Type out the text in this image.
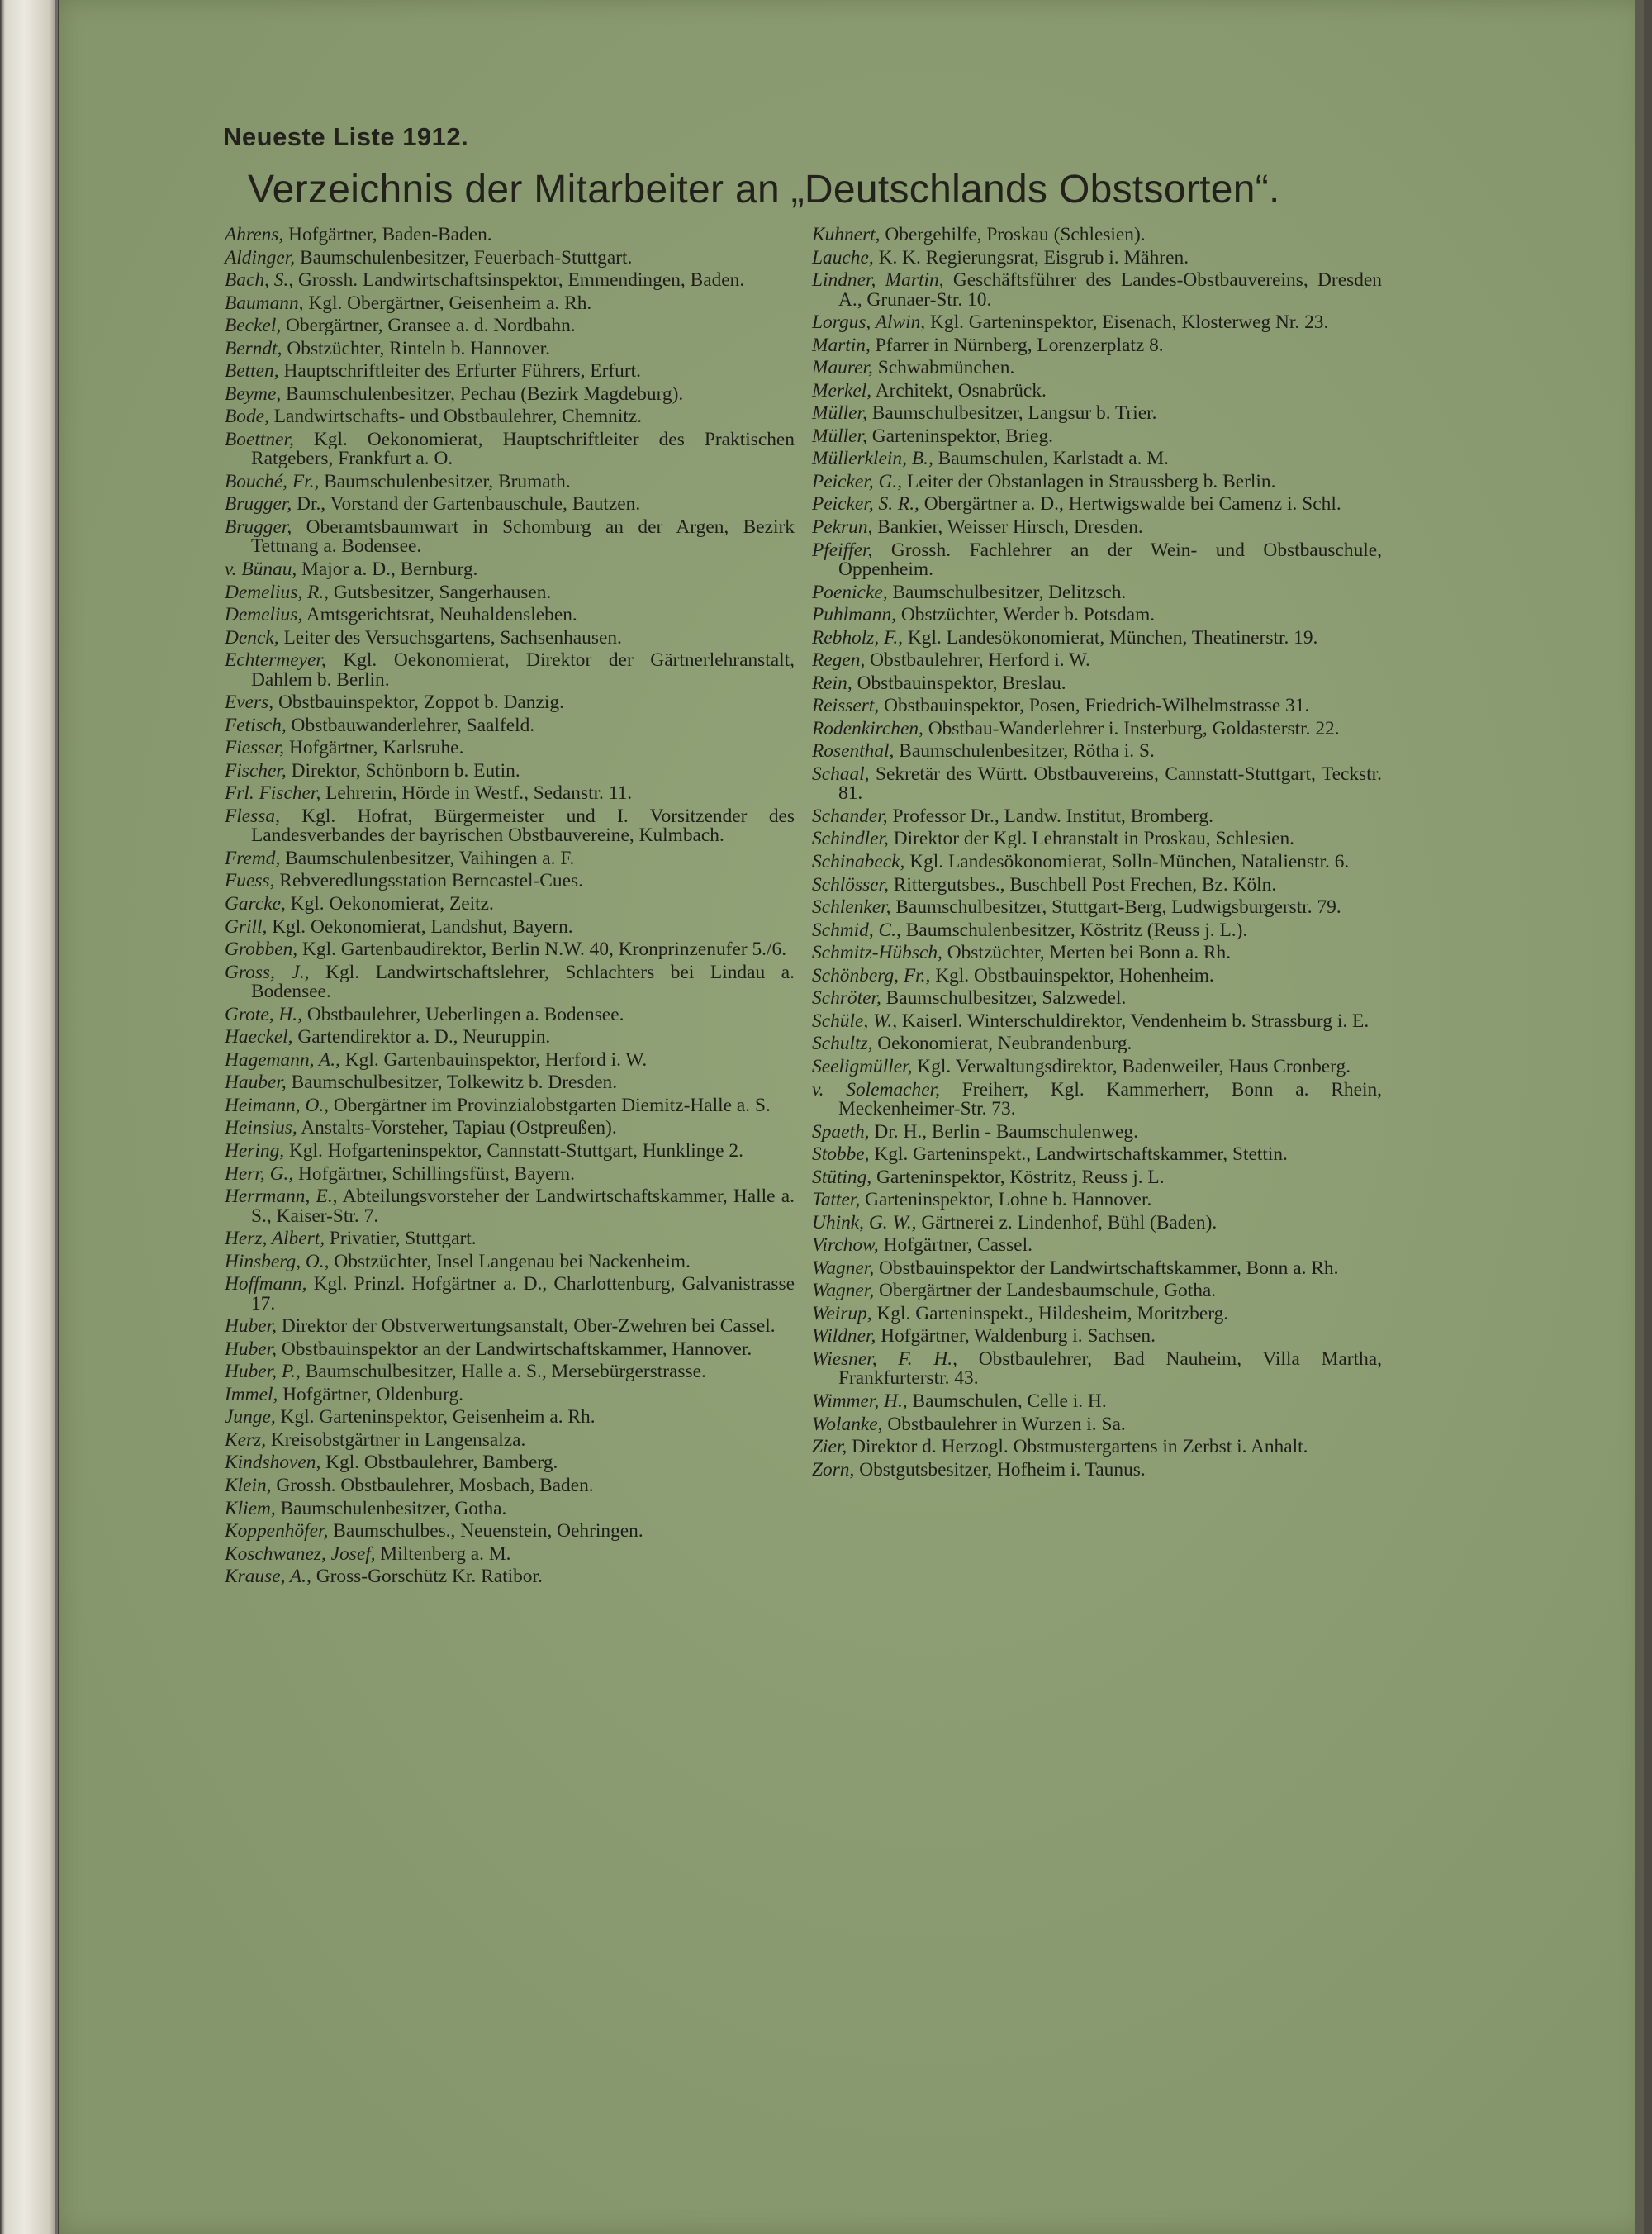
Neueste Liste 1912.
Verzeichnis der Mitarbeiter an „Deutschlands Obstsorten“.
Ahrens, Hofgärtner, Baden-Baden.
Aldinger, Baumschulenbesitzer, Feuerbach-Stuttgart.
Bach, S., Grossh. Landwirtschaftsinspektor, Emmendingen, Baden.
Baumann, Kgl. Obergärtner, Geisenheim a. Rh.
Beckel, Obergärtner, Gransee a. d. Nordbahn.
Berndt, Obstzüchter, Rinteln b. Hannover.
Betten, Hauptschriftleiter des Erfurter Führers, Erfurt.
Beyme, Baumschulenbesitzer, Pechau (Bezirk Magdeburg).
Bode, Landwirtschafts- und Obstbaulehrer, Chemnitz.
Boettner, Kgl. Oekonomierat, Hauptschriftleiter des Praktischen Ratgebers, Frankfurt a. O.
Bouché, Fr., Baumschulenbesitzer, Brumath.
Brugger, Dr., Vorstand der Gartenbauschule, Bautzen.
Brugger, Oberamtsbaumwart in Schomburg an der Argen, Bezirk Tettnang a. Bodensee.
v. Bünau, Major a. D., Bernburg.
Demelius, R., Gutsbesitzer, Sangerhausen.
Demelius, Amtsgerichtsrat, Neuhaldensleben.
Denck, Leiter des Versuchsgartens, Sachsenhausen.
Echtermeyer, Kgl. Oekonomierat, Direktor der Gärtnerlehranstalt, Dahlem b. Berlin.
Evers, Obstbauinspektor, Zoppot b. Danzig.
Fetisch, Obstbauwanderlehrer, Saalfeld.
Fiesser, Hofgärtner, Karlsruhe.
Fischer, Direktor, Schönborn b. Eutin.
Frl. Fischer, Lehrerin, Hörde in Westf., Sedanstr. 11.
Flessa, Kgl. Hofrat, Bürgermeister und I. Vorsitzender des Landesverbandes der bayrischen Obstbauvereine, Kulmbach.
Fremd, Baumschulenbesitzer, Vaihingen a. F.
Fuess, Rebveredlungsstation Berncastel-Cues.
Garcke, Kgl. Oekonomierat, Zeitz.
Grill, Kgl. Oekonomierat, Landshut, Bayern.
Grobben, Kgl. Gartenbaudirektor, Berlin N.W. 40, Kronprinzenufer 5./6.
Gross, J., Kgl. Landwirtschaftslehrer, Schlachters bei Lindau a. Bodensee.
Grote, H., Obstbaulehrer, Ueberlingen a. Bodensee.
Haeckel, Gartendirektor a. D., Neuruppin.
Hagemann, A., Kgl. Gartenbauinspektor, Herford i. W.
Hauber, Baumschulbesitzer, Tolkewitz b. Dresden.
Heimann, O., Obergärtner im Provinzialobstgarten Diemitz-Halle a. S.
Heinsius, Anstalts-Vorsteher, Tapiau (Ostpreußen).
Hering, Kgl. Hofgarteninspektor, Cannstatt-Stuttgart, Hunklinge 2.
Herr, G., Hofgärtner, Schillingsfürst, Bayern.
Herrmann, E., Abteilungsvorsteher der Landwirtschaftskammer, Halle a. S., Kaiser-Str. 7.
Herz, Albert, Privatier, Stuttgart.
Hinsberg, O., Obstzüchter, Insel Langenau bei Nackenheim.
Hoffmann, Kgl. Prinzl. Hofgärtner a. D., Charlottenburg, Galvanistrasse 17.
Huber, Direktor der Obstverwertungsanstalt, Ober-Zwehren bei Cassel.
Huber, Obstbauinspektor an der Landwirtschaftskammer, Hannover.
Huber, P., Baumschulbesitzer, Halle a. S., Mersebürgerstrasse.
Immel, Hofgärtner, Oldenburg.
Junge, Kgl. Garteninspektor, Geisenheim a. Rh.
Kerz, Kreisobstgärtner in Langensalza.
Kindshoven, Kgl. Obstbaulehrer, Bamberg.
Klein, Grossh. Obstbaulehrer, Mosbach, Baden.
Kliem, Baumschulenbesitzer, Gotha.
Koppenhöfer, Baumschulbes., Neuenstein, Oehringen.
Koschwanez, Josef, Miltenberg a. M.
Krause, A., Gross-Gorschütz Kr. Ratibor.
Kuhnert, Obergehilfe, Proskau (Schlesien).
Lauche, K. K. Regierungsrat, Eisgrub i. Mähren.
Lindner, Martin, Geschäftsführer des Landes-Obstbauvereins, Dresden A., Grunaer-Str. 10.
Lorgus, Alwin, Kgl. Garteninspektor, Eisenach, Klosterweg Nr. 23.
Martin, Pfarrer in Nürnberg, Lorenzerplatz 8.
Maurer, Schwabmünchen.
Merkel, Architekt, Osnabrück.
Müller, Baumschulbesitzer, Langsur b. Trier.
Müller, Garteninspektor, Brieg.
Müllerklein, B., Baumschulen, Karlstadt a. M.
Peicker, G., Leiter der Obstanlagen in Straussberg b. Berlin.
Peicker, S. R., Obergärtner a. D., Hertwigswalde bei Camenz i. Schl.
Pekrun, Bankier, Weisser Hirsch, Dresden.
Pfeiffer, Grossh. Fachlehrer an der Wein- und Obstbauschule, Oppenheim.
Poenicke, Baumschulbesitzer, Delitzsch.
Puhlmann, Obstzüchter, Werder b. Potsdam.
Rebholz, F., Kgl. Landesökonomierat, München, Theatinerstr. 19.
Regen, Obstbaulehrer, Herford i. W.
Rein, Obstbauinspektor, Breslau.
Reissert, Obstbauinspektor, Posen, Friedrich-Wilhelmstrasse 31.
Rodenkirchen, Obstbau-Wanderlehrer i. Insterburg, Goldasterstr. 22.
Rosenthal, Baumschulenbesitzer, Rötha i. S.
Schaal, Sekretär des Württ. Obstbauvereins, Cannstatt-Stuttgart, Teckstr. 81.
Schander, Professor Dr., Landw. Institut, Bromberg.
Schindler, Direktor der Kgl. Lehranstalt in Proskau, Schlesien.
Schinabeck, Kgl. Landesökonomierat, Solln-München, Natalienstr. 6.
Schlösser, Rittergutsbes., Buschbell Post Frechen, Bz. Köln.
Schlenker, Baumschulbesitzer, Stuttgart-Berg, Ludwigsburgerstr. 79.
Schmid, C., Baumschulenbesitzer, Köstritz (Reuss j. L.).
Schmitz-Hübsch, Obstzüchter, Merten bei Bonn a. Rh.
Schönberg, Fr., Kgl. Obstbauinspektor, Hohenheim.
Schröter, Baumschulbesitzer, Salzwedel.
Schüle, W., Kaiserl. Winterschuldirektor, Vendenheim b. Strassburg i. E.
Schultz, Oekonomierat, Neubrandenburg.
Seeligmüller, Kgl. Verwaltungsdirektor, Badenweiler, Haus Cronberg.
v. Solemacher, Freiherr, Kgl. Kammerherr, Bonn a. Rhein, Meckenheimer-Str. 73.
Spaeth, Dr. H., Berlin - Baumschulenweg.
Stobbe, Kgl. Garteninspekt., Landwirtschaftskammer, Stettin.
Stüting, Garteninspektor, Köstritz, Reuss j. L.
Tatter, Garteninspektor, Lohne b. Hannover.
Uhink, G. W., Gärtnerei z. Lindenhof, Bühl (Baden).
Virchow, Hofgärtner, Cassel.
Wagner, Obstbauinspektor der Landwirtschaftskammer, Bonn a. Rh.
Wagner, Obergärtner der Landesbaumschule, Gotha.
Weirup, Kgl. Garteninspekt., Hildesheim, Moritzberg.
Wildner, Hofgärtner, Waldenburg i. Sachsen.
Wiesner, F. H., Obstbaulehrer, Bad Nauheim, Villa Martha, Frankfurterstr. 43.
Wimmer, H., Baumschulen, Celle i. H.
Wolanke, Obstbaulehrer in Wurzen i. Sa.
Zier, Direktor d. Herzogl. Obstmustergartens in Zerbst i. Anhalt.
Zorn, Obstgutsbesitzer, Hofheim i. Taunus.
